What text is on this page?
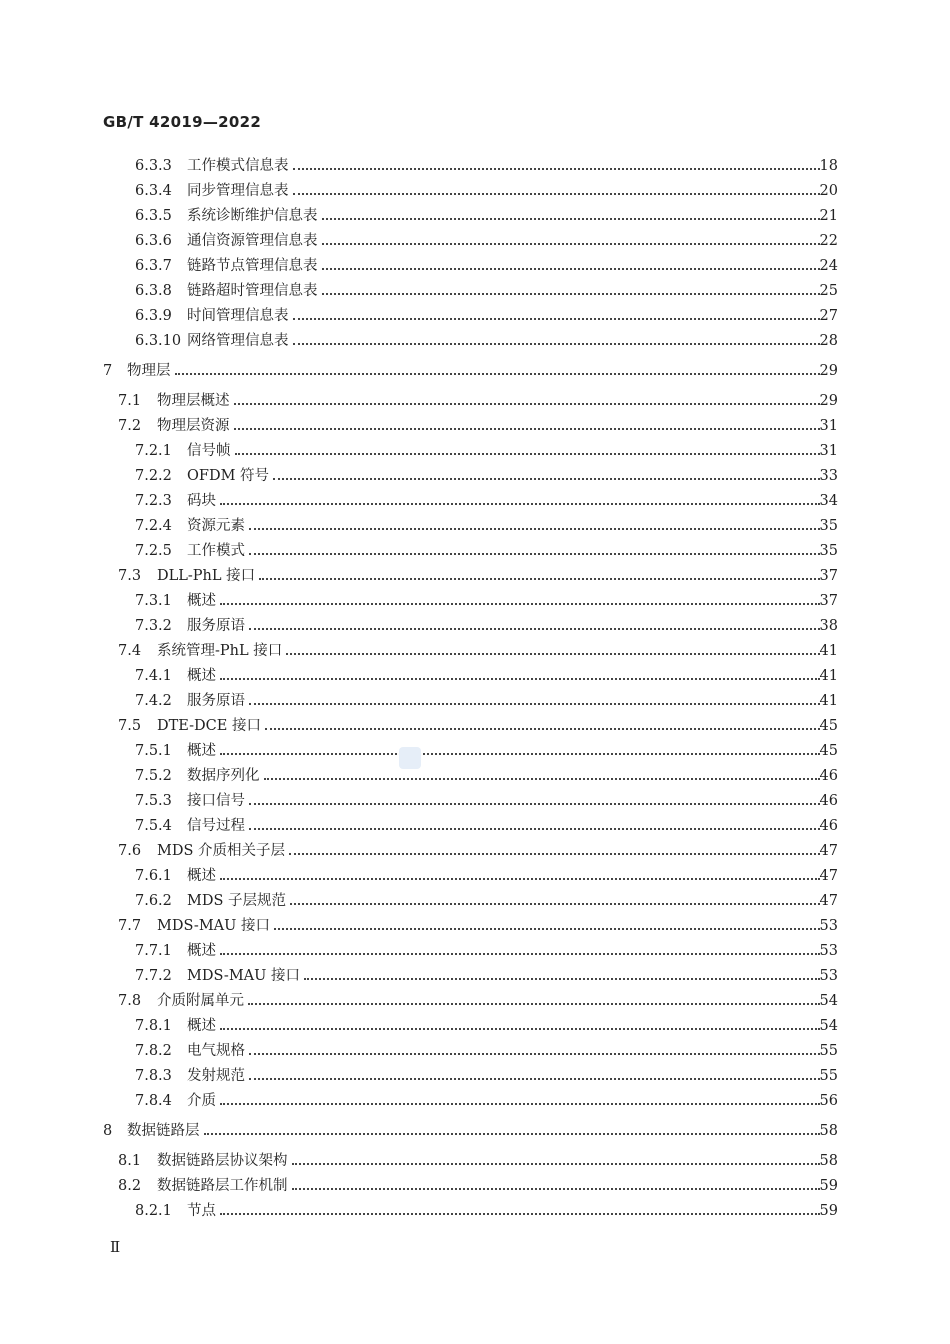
GB/T 42019—2022
6.3.3 工作模式信息表	18
6.3.4 同步管理信息表	20
6.3.5 系统诊断维护信息表	21
6.3.6 通信资源管理信息表	22
6.3.7 链路节点管理信息表	24
6.3.8 链路超时管理信息表	25
6.3.9 时间管理信息表	27
6.3.10 网络管理信息表	28
7 物理层	29
7.1 物理层概述	29
7.2 物理层资源	31
7.2.1 信号帧	31
7.2.2 OFDM 符号	33
7.2.3 码块	34
7.2.4 资源元素	35
7.2.5 工作模式	35
7.3 DLL-PhL 接口	37
7.3.1 概述	37
7.3.2 服务原语	38
7.4 系统管理-PhL 接口	41
7.4.1 概述	41
7.4.2 服务原语	41
7.5 DTE-DCE 接口	45
7.5.1 概述	45
7.5.2 数据序列化	46
7.5.3 接口信号	46
7.5.4 信号过程	46
7.6 MDS 介质相关子层	47
7.6.1 概述	47
7.6.2 MDS 子层规范	47
7.7 MDS-MAU 接口	53
7.7.1 概述	53
7.7.2 MDS-MAU 接口	53
7.8 介质附属单元	54
7.8.1 概述	54
7.8.2 电气规格	55
7.8.3 发射规范	55
7.8.4 介质	56
8 数据链路层	58
8.1 数据链路层协议架构	58
8.2 数据链路层工作机制	59
8.2.1 节点	59
Ⅱ
